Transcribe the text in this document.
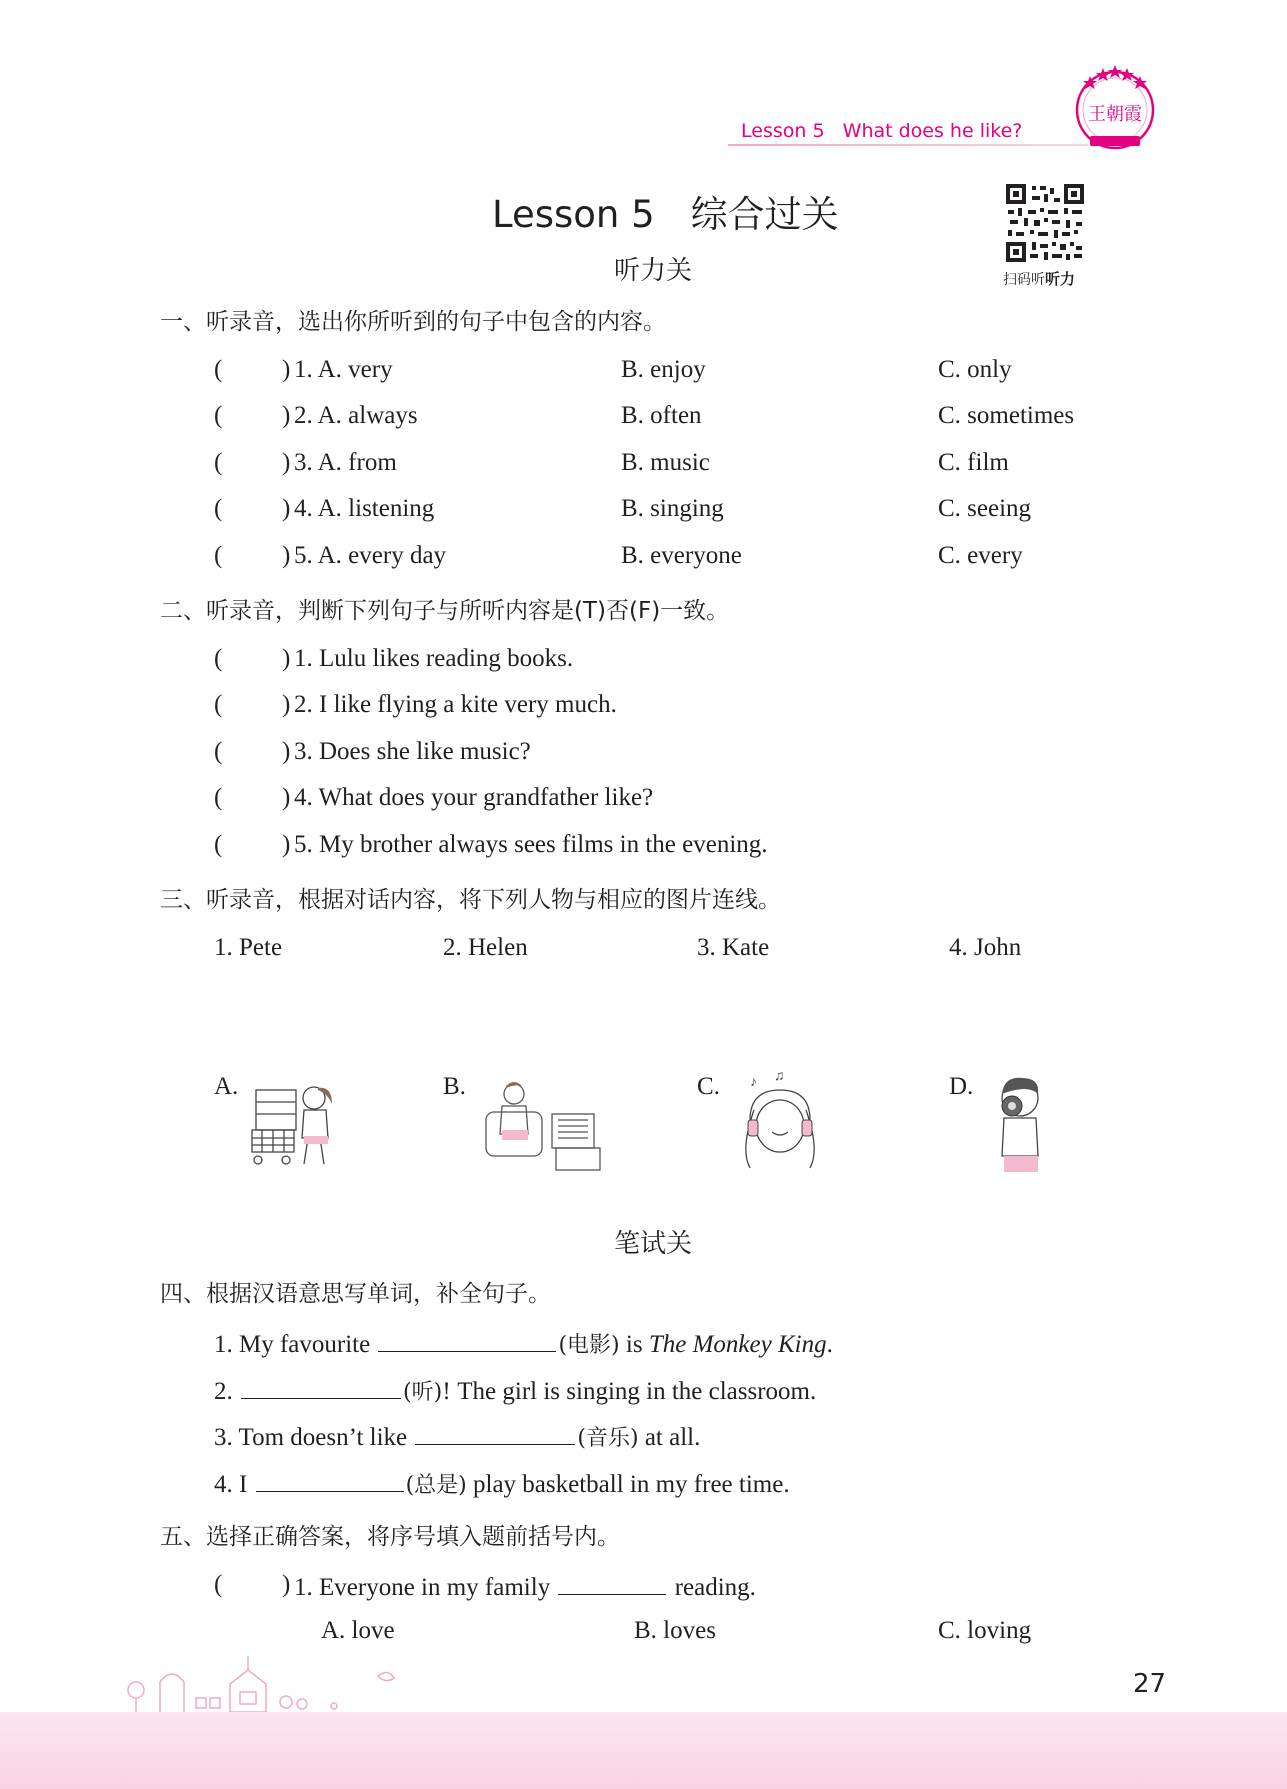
Lesson 5   What does he like?
王朝霞
Lesson 5 综合过关
扫码听听力
听力关
一、听录音，选出你所听到的句子中包含的内容。
( ) 1. A. very	B. enjoy	C. only
( ) 2. A. always	B. often	C. sometimes
( ) 3. A. from	B. music	C. film
( ) 4. A. listening	B. singing	C. seeing
( ) 5. A. every day	B. everyone	C. every
二、听录音，判断下列句子与所听内容是(T)否(F)一致。
( ) 1. Lulu likes reading books.
( ) 2. I like flying a kite very much.
( ) 3. Does she like music?
( ) 4. What does your grandfather like?
( ) 5. My brother always sees films in the evening.
三、听录音，根据对话内容，将下列人物与相应的图片连线。
1. Pete	2. Helen	3. Kate	4. John
A.	B.	C.	D.
♪ ♫
笔试关
四、根据汉语意思写单词，补全句子。
1. My favourite	(电影) is The Monkey King.
2.	(听)! The girl is singing in the classroom.
3. Tom doesn’t like	(音乐) at all.
4. I	(总是) play basketball in my free time.
五、选择正确答案，将序号填入题前括号内。
( ) 1. Everyone in my family	reading.
A. love	B. loves	C. loving
27
